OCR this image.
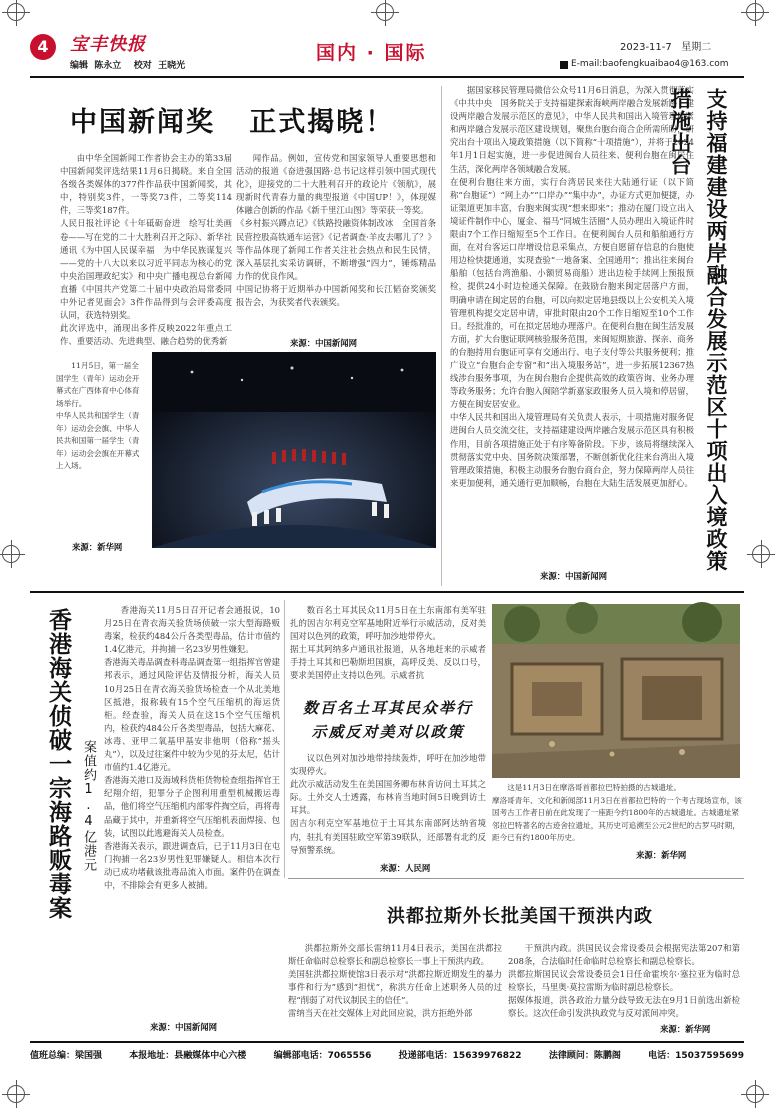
4	宝丰快报
编辑  陈永立    校对  王晓光
国内 · 国际	2023-11-7   星期二
E-mail:baofengkuaibao4@163.com
中国新闻奖   正式揭晓！
由中华全国新闻工作者协会主办的第33届中国新闻奖评选结果11月6日揭晓。来自全国各级各类媒体的377件作品获中国新闻奖，其中，特别奖3件，一等奖73件，二等奖114件，三等奖187件。
人民日报社评论《十年砥砺奋进　绘写壮美画卷——写在党的二十大胜利召开之际》、新华社通讯《为中国人民谋幸福　为中华民族谋复兴——党的十八大以来以习近平同志为核心的党中央治国理政纪实》和中央广播电视总台新闻直播《中国共产党第二十届中央政治局常委同中外记者见面会》3件作品得到与会评委高度认同，获选特别奖。
此次评选中，涌现出多件反映2022年重点工作、重要活动、先进典型、融合趋势的优秀新
闻作品。例如，宣传党和国家领导人重要思想和活动的报道《奋进强国路·总书记这样引领中国式现代化》，迎接党的二十大胜利召开的政论片《领航》，展现新时代青春力量的典型报道《中国UP！》，体现媒体融合创新的作品《新千里江山图》等荣获一等奖。
《乡村振兴蹲点记》《铁路投融资体制改冰　全国首条民营控股高铁通车运营》《记者调查·羊皮去哪儿了？》等作品体现了新闻工作者关注社会热点和民生民情，深入基层扎实采访调研，不断增强“四力”，锤炼精品力作的优良作风。
中国记协将于近期举办中国新闻奖和长江韬奋奖颁奖报告会，为获奖者代表颁奖。
来源：中国新闻网
11月5日，第一届全国学生（青年）运动会开幕式在广西体育中心体育场举行。
中华人民共和国学生（青年）运动会会旗、中华人民共和国第一届学生（青年）运动会会旗在开幕式上入场。
来源：新华网
据国家移民管理局微信公众号11月6日消息，为深入贯彻落实《中共中央　国务院关于支持福建探索海峡两岸融合发展新路　建设两岸融合发展示范区的意见》，中华人民共和国出入境管理局紧和两岸融合发展示范区建设规划，聚焦台胞台商合企所需所盼，研究出台十项出入境政策措施（以下简称“十项措施”），并将于2024年1月1日起实施，进一步促进闽台人员往来、便利台胞在闽居住生活，深化两岸各领域融合发展。
在便利台胞往来方面，实行台湾居民来往大陆通行证（以下简称“台胞证”）“网上办”“口岸办”“集中办”，办证方式更加便捷，办证渠道更加丰富，台胞来闽实现“想来即来”；推动在厦门设立出入境证件制作中心，厦金、福马“同城生活圈”人员办理出入境证件时限由7个工作日缩短至5个工作日。在便利闽台人员和船舶通行方面，在对台客运口岸增设信息采集点，方便自愿留存信息的台胞使用边检快捷通道，实现查验“一地备案、全国通用”；推出往来闽台船舶（包括台湾渔船、小额贸易商船）进出边检手续网上预报预检，提供24小时边检通关保障。在鼓励台胞来闽定居落户方面，明确申请在闽定居的台胞，可以向拟定居地县级以上公安机关入境管理机构提交定居申请，审批时限由20个工作日缩短至10个工作日。经批准的，可在拟定居地办理落户。在便利台胞在闽生活发展方面，扩大台胞证联网核验服务范围，来闽短期旅游、探亲、商务的台胞持用台胞证可享有交通出行、电子支付等公共服务便利；推广设立“台胞台企专窗”和“出入境服务站”，进一步拓展12367热线涉台服务事项，为在闽台胞台企提供高效的政策咨询、业务办理等政务服务；允许台胞入闽陪学新嘉家政服务人员入境和停居留，方便在闽安居安业。
中华人民共和国出入境管理局有关负责人表示，十项措施对服务促进闽台人员交流交往，支持福建建设两岸融合发展示范区具有积极作用，目前各项措施正处于有序筹备阶段。下步，该局将继续深入贯彻落实党中央、国务院决策部署，不断创新优化往来台湾出入境管理政策措施，积极主动服务台胞台商台企，努力保障两岸人员往来更加便利，通关通行更加顺畅，台胞在大陆生活发展更加舒心。
来源：中国新闻网
支持福建建设两岸融合发展示范区十项出入境政策措施出台
香港海关侦破一宗海路贩毒案 案值约1.4亿港元
香港海关11月5日召开记者会通报说，10月25日在青衣海关验货场侦破一宗大型海路贩毒案，检获约484公斤各类型毒品，估计市值约1.4亿港元，并拘捕一名23岁男性嫌犯。
香港海关毒品调查科毒品调查第一组指挥官曾建邦表示，通过风险评估及情报分析，海关人员10月25日在青衣海关验货场检查一个从北美地区抵港，报称载有15个空气压缩机的海运货柜。经查验，海关人员在这15个空气压缩机内，检获约484公斤各类型毒品，包括大麻花、冰毒、亚甲二氧基甲基安非他明（俗称“摇头丸”），以及过往案件中较为少见的芬太尼，估计市值约1.4亿港元。
香港海关港口及海域科货柜货物检查组指挥官王纪翔介绍，犯罪分子企图利用重型机械搬运毒品，他们将空气压缩机内部零件掏空后，再将毒品藏于其中，并重新将空气压缩机表面焊接、包装，试图以此逃避海关人员检查。
香港海关表示，跟进调查后，已于11月3日在屯门拘捕一名23岁男性犯罪嫌疑人。相信本次行动已成功堵截该批毒品流入市面。案件仍在调查中，不排除会有更多人被捕。
来源：中国新闻网
数百名土耳其民众11月5日在土东南部有美军驻扎的因吉尔利克空军基地附近举行示威活动，反对美国对以色列的政策，呼吁加沙地带停火。
据土耳其阿纳多卢通讯社报道，从各地赶来的示威者手持土耳其和巴勒斯坦国旗，高呼反美、反以口号，要求美国停止支持以色列。示威者抗
数百名土耳其民众举行示威反对美对以政策
议以色列对加沙地带持续轰炸，呼吁在加沙地带实现停火。
此次示威活动发生在美国国务卿布林肯访问土耳其之际。土外交人士透露，布林肯当地时间5日晚到访土耳其。
因吉尔利克空军基地位于土耳其东南部阿达纳省境内，驻扎有美国驻欧空军第39联队，还部署有北约反导预警系统。
来源：人民网
这是11月3日在摩洛哥首都拉巴特拍摄的古城遗址。
摩洛哥青年、文化和新闻部11月3日在首都拉巴特的一个考古现场宣布，该国考古工作者日前在此发现了一座距今约1800年的古城遗址。古城遗址紧邻拉巴特著名的古迹舍拉遗址，其历史可追溯至公元2世纪的古罗马时期，距今已有约1800年历史。
来源：新华网
洪都拉斯外长批美国干预洪内政
洪都拉斯外交部长雷纳11月4日表示，美国在洪都拉斯任命临时总检察长和副总检察长一事上干预洪内政。
美国驻洪都拉斯使馆3日表示对“洪都拉斯近期发生的暴力事件和行为”感到“担忧”，称洪方任命上述职务人员的过程“削弱了对代议制民主的信任”。
雷纳当天在社交媒体上对此回应说，洪方拒绝外部
干预洪内政。洪国民议会常设委员会根据宪法第207和第208条，合法临时任命临时总检察长和副总检察长。
洪都拉斯国民议会常设委员会1日任命霍埃尔·塞拉亚为临时总检察长，马里奥·莫拉雷斯为临时副总检察长。
据媒体报道，洪各政治力量分歧导致无法在9月1日前选出新检察长。这次任命引发洪执政党与反对派间冲突。
来源：新华网
值班总编：梁国强	本报地址：县融媒体中心六楼	编辑部电话：7065556	投递部电话：15639976822	法律顾问：陈鹏阁	电话：15037595699
